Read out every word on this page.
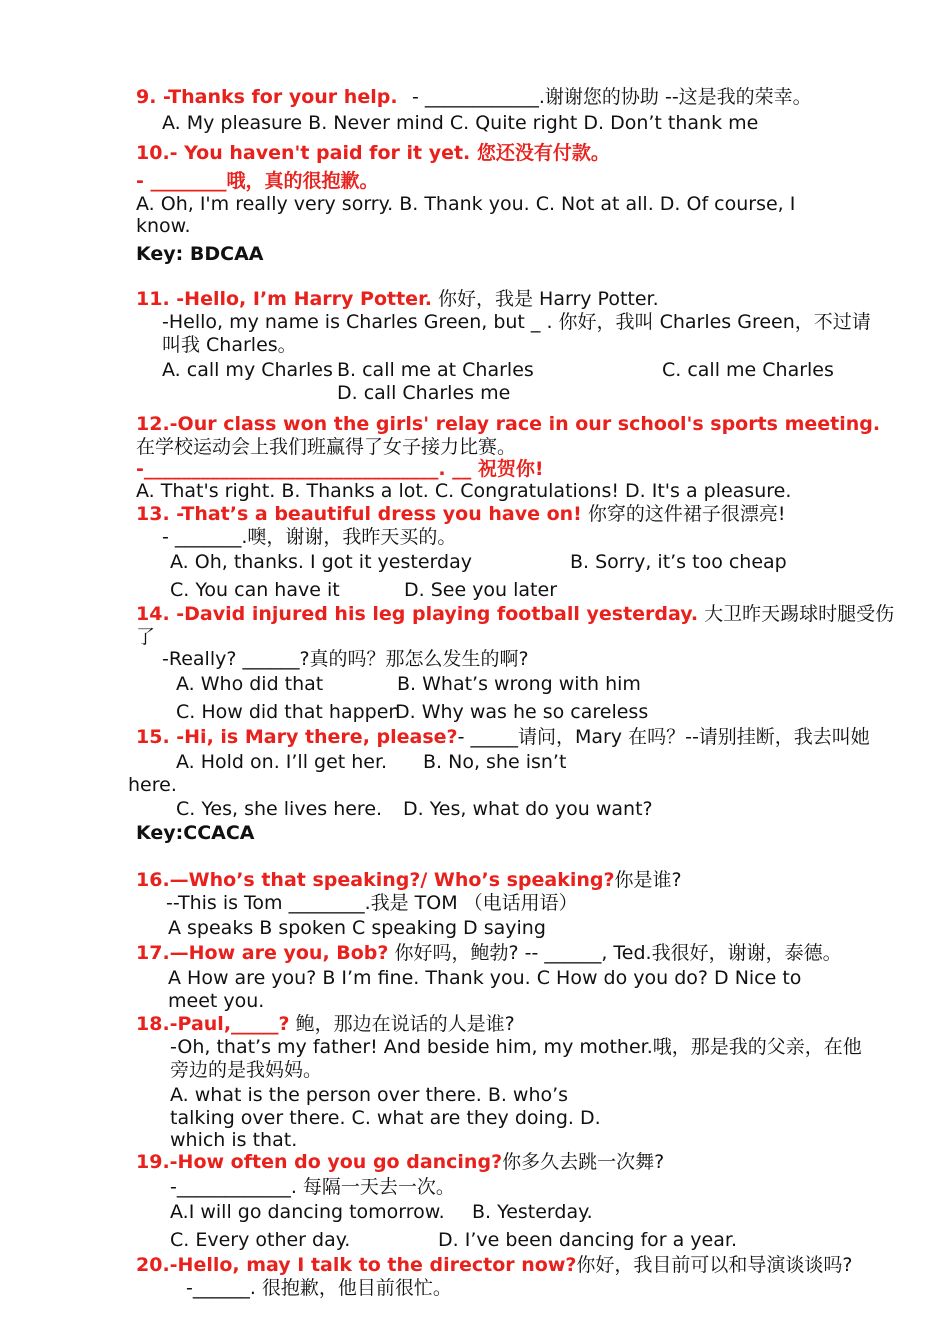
9. -Thanks for your help. - ____________.谢谢您的协助 --这是我的荣幸。
A. My pleasure B. Never mind C. Quite right D. Don’t thank me
10.- You haven't paid for it yet. 您还没有付款。
- ________哦，真的很抱歉。
A. Oh, I'm really very sorry. B. Thank you. C. Not at all. D. Of course, I
know.
Key: BDCAA
11. -Hello, I’m Harry Potter. 你好，我是 Harry Potter.
-Hello, my name is Charles Green, but _ . 你好，我叫 Charles Green，不过请
叫我 Charles。
A. call my Charles B. call me at Charles	C. call me Charles
D. call Charles me
12.-Our class won the girls' relay race in our school's sports meeting.
在学校运动会上我们班赢得了女子接力比赛。
-_______________________________. __ 祝贺你!
A. That's right. B. Thanks a lot. C. Congratulations! D. It's a pleasure.
13. -That’s a beautiful dress you have on! 你穿的这件裙子很漂亮!
- _______.噢，谢谢，我昨天买的。
A. Oh, thanks. I got it yesterday	B. Sorry, it’s too cheap
C. You can have it	D. See you later
14. -David injured his leg playing football yesterday. 大卫昨天踢球时腿受伤
了
-Really? ______?真的吗？那怎么发生的啊?
A. Who did that	B. What’s wrong with him
C. How did that happen
D. Why was he so careless
15. -Hi, is Mary there, please?- _____请问，Mary 在吗？--请别挂断，我去叫她
A. Hold on. I’ll get her. B. No, she isn’t
here.
C. Yes, she lives here. D. Yes, what do you want?
Key:CCACA
16.—Who’s that speaking?/ Who’s speaking?你是谁?
--This is Tom ________.我是 TOM （电话用语）
A speaks B spoken C speaking D saying
17.—How are you, Bob? 你好吗，鲍勃? -- ______, Ted.我很好，谢谢，泰德。
A How are you? B I’m fine. Thank you. C How do you do? D Nice to
meet you.
18.-Paul,_____? 鲍，那边在说话的人是谁?
-Oh, that’s my father! And beside him, my mother.哦，那是我的父亲，在他
旁边的是我妈妈。
A. what is the person over there. B. who’s
talking over there. C. what are they doing. D.
which is that.
19.-How often do you go dancing?你多久去跳一次舞?
-____________. 每隔一天去一次。
A.I will go dancing tomorrow. B. Yesterday.
C. Every other day.	D. I’ve been dancing for a year.
20.-Hello, may I talk to the director now?你好，我目前可以和导演谈谈吗?
-______. 很抱歉，他目前很忙。
